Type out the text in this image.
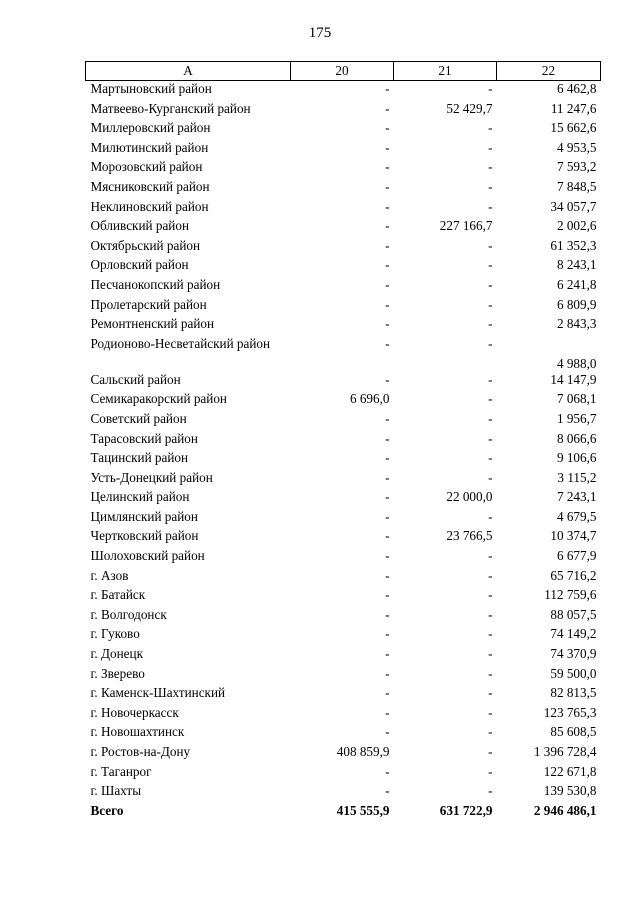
175
А	20	21	22
Мартыновский район	-	-	6 462,8
Матвеево-Курганский район	-	52 429,7	11 247,6
Миллеровский район	-	-	15 662,6
Милютинский район	-	-	4 953,5
Морозовский район	-	-	7 593,2
Мясниковский район	-	-	7 848,5
Неклиновский район	-	-	34 057,7
Обливский район	-	227 166,7	2 002,6
Октябрьский район	-	-	61 352,3
Орловский район	-	-	8 243,1
Песчанокопский район	-	-	6 241,8
Пролетарский район	-	-	6 809,9
Ремонтненский район	-	-	2 843,3
Родионово-Несветайский район	-	-	4 988,0
Сальский район	-	-	14 147,9
Семикаракорский район	6 696,0	-	7 068,1
Советский район	-	-	1 956,7
Тарасовский район	-	-	8 066,6
Тацинский район	-	-	9 106,6
Усть-Донецкий район	-	-	3 115,2
Целинский район	-	22 000,0	7 243,1
Цимлянский район	-	-	4 679,5
Чертковский район	-	23 766,5	10 374,7
Шолоховский район	-	-	6 677,9
г. Азов	-	-	65 716,2
г. Батайск	-	-	112 759,6
г. Волгодонск	-	-	88 057,5
г. Гуково	-	-	74 149,2
г. Донецк	-	-	74 370,9
г. Зверево	-	-	59 500,0
г. Каменск-Шахтинский	-	-	82 813,5
г. Новочеркасск	-	-	123 765,3
г. Новошахтинск	-	-	85 608,5
г. Ростов-на-Дону	408 859,9	-	1 396 728,4
г. Таганрог	-	-	122 671,8
г. Шахты	-	-	139 530,8
Всего	415 555,9	631 722,9	2 946 486,1
